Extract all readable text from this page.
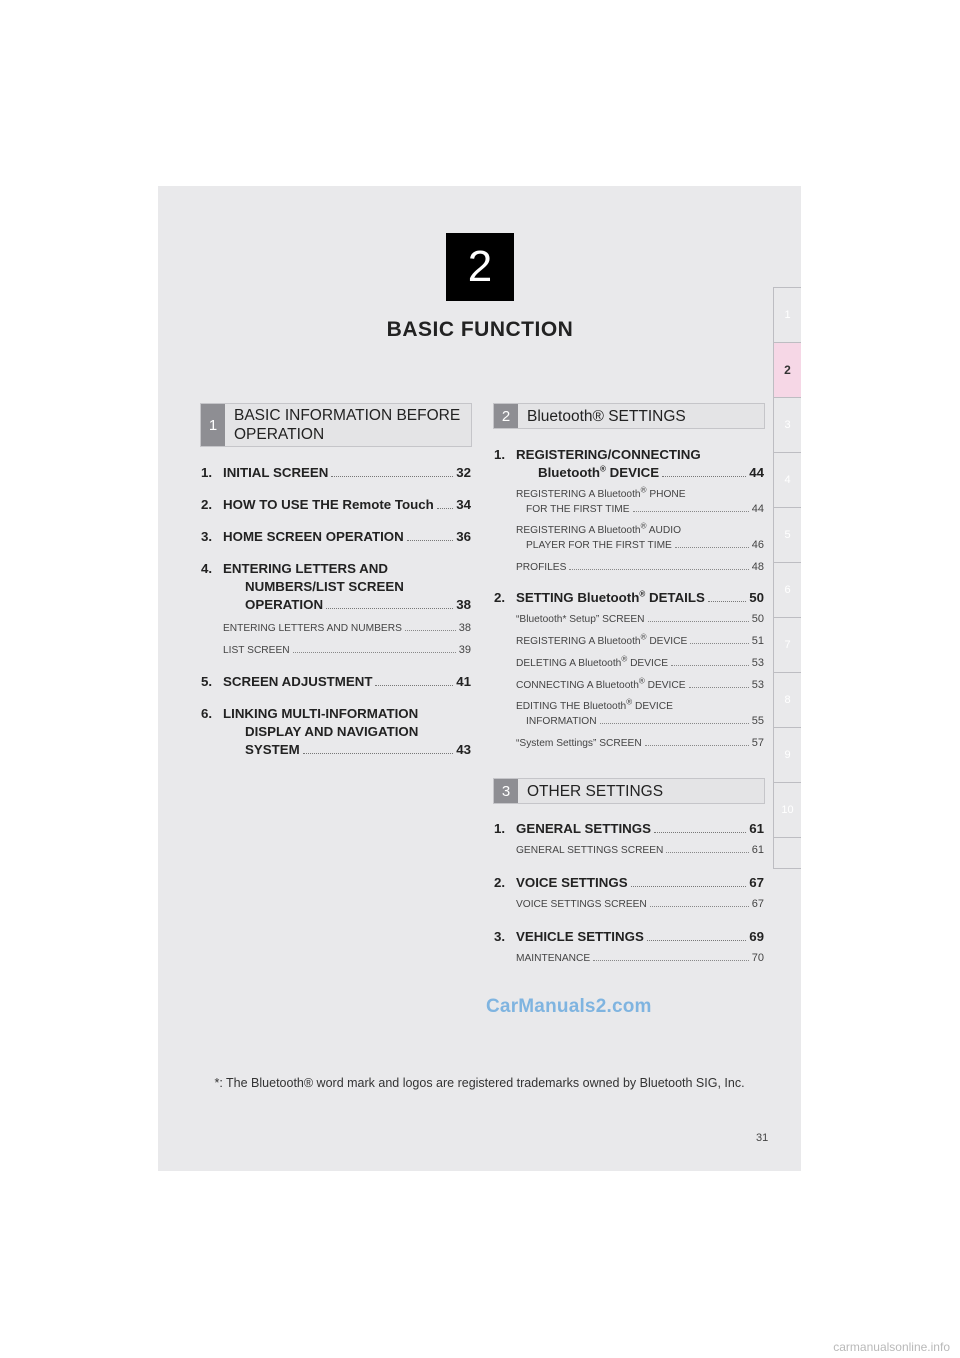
2
BASIC FUNCTION
1
2
3
4
5
6
7
8
9
10
1
BASIC INFORMATION BEFORE OPERATION
1. INITIAL SCREEN	32
2. HOW TO USE THE Remote Touch 34
3. HOME SCREEN OPERATION	36
4. ENTERING LETTERS AND
NUMBERS/LIST SCREEN
OPERATION	38
ENTERING LETTERS AND NUMBERS	38
LIST SCREEN	39
5. SCREEN ADJUSTMENT	41
6. LINKING MULTI-INFORMATION
DISPLAY AND NAVIGATION
SYSTEM	43
2	Bluetooth® SETTINGS
1. REGISTERING/CONNECTING
Bluetooth® DEVICE	44
REGISTERING A Bluetooth® PHONE
FOR THE FIRST TIME	44
REGISTERING A Bluetooth® AUDIO
PLAYER FOR THE FIRST TIME	46
PROFILES	48
2. SETTING Bluetooth® DETAILS	50
“Bluetooth* Setup” SCREEN	50
REGISTERING A Bluetooth® DEVICE	51
DELETING A Bluetooth® DEVICE	53
CONNECTING A Bluetooth® DEVICE	53
EDITING THE Bluetooth® DEVICE
INFORMATION	55
“System Settings” SCREEN	57
3	OTHER SETTINGS
1. GENERAL SETTINGS	61
GENERAL SETTINGS SCREEN	61
2. VOICE SETTINGS	67
VOICE SETTINGS SCREEN	67
3. VEHICLE SETTINGS	69
MAINTENANCE	70
CarManuals2.com
*: The Bluetooth® word mark and logos are registered trademarks owned by Bluetooth SIG, Inc.
31
carmanualsonline.info
